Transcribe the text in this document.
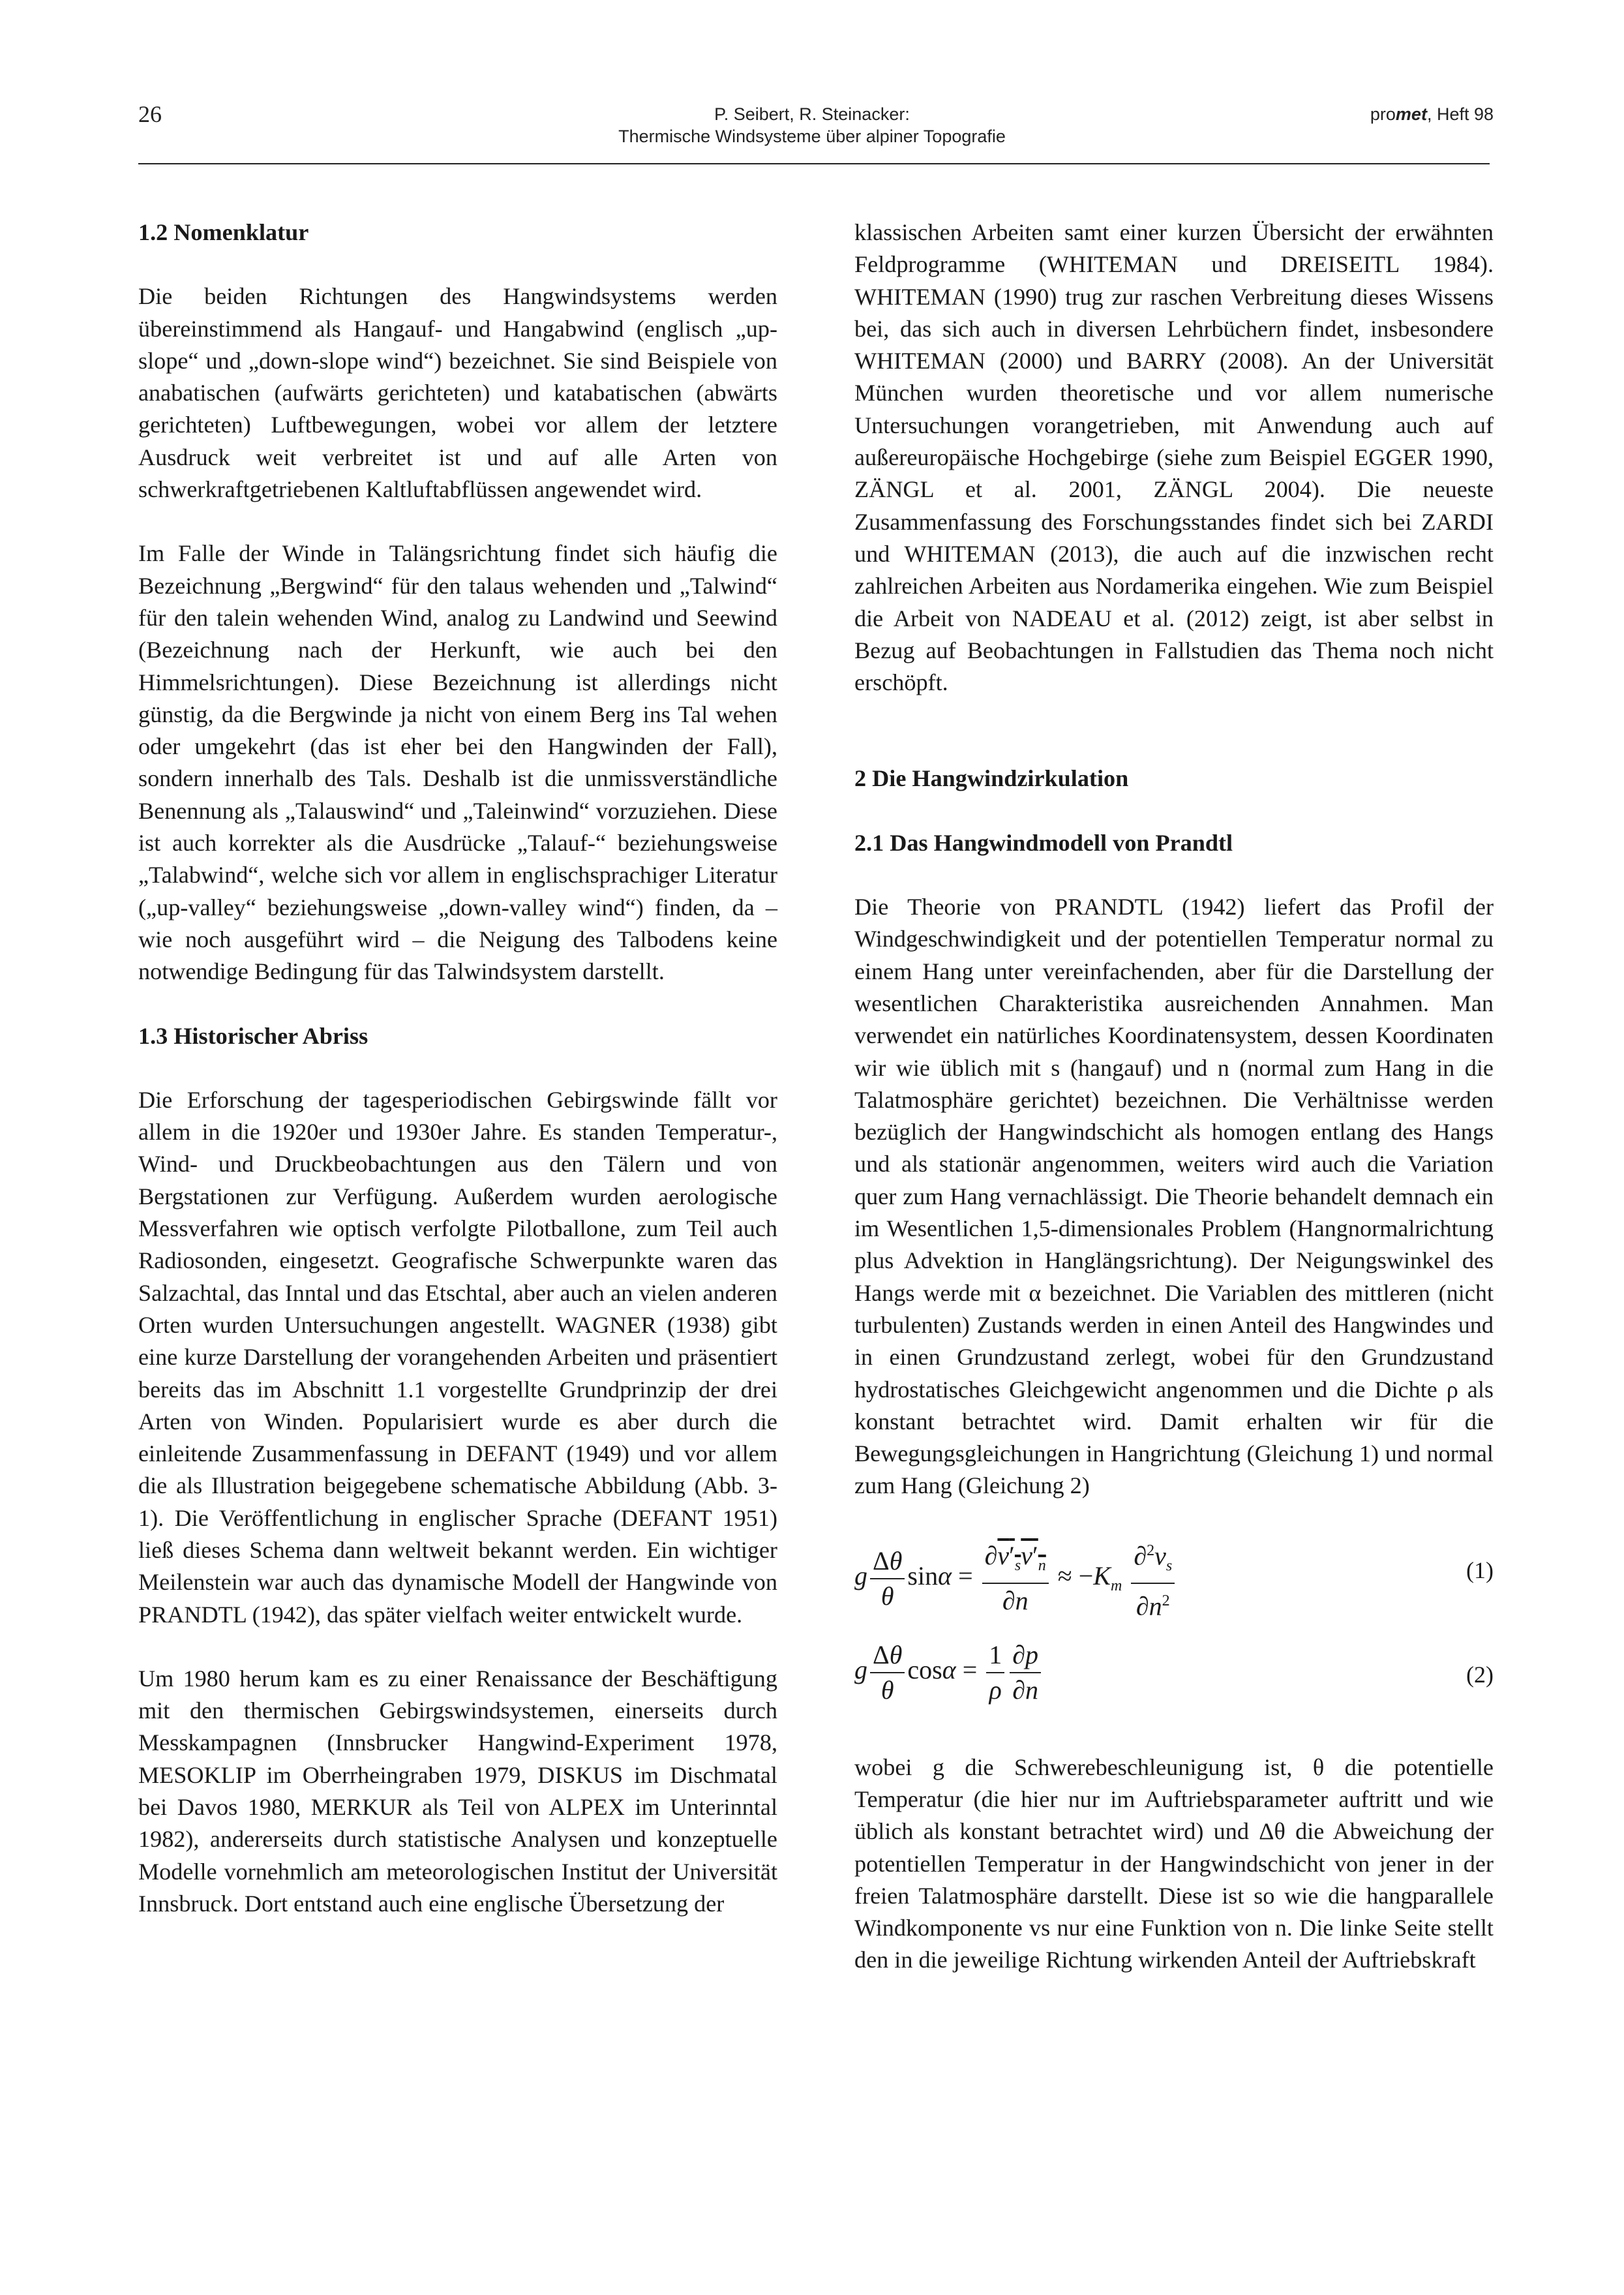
26	P. Seibert, R. Steinacker:
Thermische Windsysteme über alpiner Topografie
promet, Heft 98

1.2 Nomenklatur

Die beiden Richtungen des Hangwindsystems werden übereinstimmend als Hangauf- und Hangabwind (englisch „up-slope“ und „down-slope wind“) bezeichnet. Sie sind Beispiele von anabatischen (aufwärts gerichteten) und katabatischen (abwärts gerichteten) Luftbewegungen, wobei vor allem der letztere Ausdruck weit verbreitet ist und auf alle Arten von schwerkraftgetriebenen Kaltluftabflüssen angewendet wird.

Im Falle der Winde in Talängsrichtung findet sich häufig die Bezeichnung „Bergwind“ für den talaus wehenden und „Talwind“ für den talein wehenden Wind, analog zu Landwind und Seewind (Bezeichnung nach der Herkunft, wie auch bei den Himmelsrichtungen). Diese Bezeichnung ist allerdings nicht günstig, da die Bergwinde ja nicht von einem Berg ins Tal wehen oder umgekehrt (das ist eher bei den Hangwinden der Fall), sondern innerhalb des Tals. Deshalb ist die unmissverständliche Benennung als „Talauswind“ und „Taleinwind“ vorzuziehen. Diese ist auch korrekter als die Ausdrücke „Talauf-“ beziehungsweise „Talabwind“, welche sich vor allem in englischsprachiger Literatur („up-valley“ beziehungsweise „down-valley wind“) finden, da – wie noch ausgeführt wird – die Neigung des Talbodens keine notwendige Bedingung für das Talwindsystem darstellt.

1.3 Historischer Abriss

Die Erforschung der tagesperiodischen Gebirgswinde fällt vor allem in die 1920er und 1930er Jahre. Es standen Temperatur-, Wind- und Druckbeobachtungen aus den Tälern und von Bergstationen zur Verfügung. Außerdem wurden aerologische Messverfahren wie optisch verfolgte Pilotballone, zum Teil auch Radiosonden, eingesetzt. Geografische Schwerpunkte waren das Salzachtal, das Inntal und das Etschtal, aber auch an vielen anderen Orten wurden Untersuchungen angestellt. WAGNER (1938) gibt eine kurze Darstellung der vorangehenden Arbeiten und präsentiert bereits das im Abschnitt 1.1 vorgestellte Grundprinzip der drei Arten von Winden. Popularisiert wurde es aber durch die einleitende Zusammenfassung in DEFANT (1949) und vor allem die als Illustration beigegebene schematische Abbildung (Abb. 3-1). Die Veröffentlichung in englischer Sprache (DEFANT 1951) ließ dieses Schema dann weltweit bekannt werden. Ein wichtiger Meilenstein war auch das dynamische Modell der Hangwinde von PRANDTL (1942), das später vielfach weiter entwickelt wurde.

Um 1980 herum kam es zu einer Renaissance der Beschäftigung mit den thermischen Gebirgswindsystemen, einerseits durch Messkampagnen (Innsbrucker Hangwind-Experiment 1978, MESOKLIP im Oberrheingraben 1979, DISKUS im Dischmatal bei Davos 1980, MERKUR als Teil von ALPEX im Unterinntal 1982), andererseits durch statistische Analysen und konzeptuelle Modelle vornehmlich am meteorologischen Institut der Universität Innsbruck. Dort entstand auch eine englische Übersetzung der

klassischen Arbeiten samt einer kurzen Übersicht der erwähnten Feldprogramme (WHITEMAN und DREISEITL 1984). WHITEMAN (1990) trug zur raschen Verbreitung dieses Wissens bei, das sich auch in diversen Lehrbüchern findet, insbesondere WHITEMAN (2000) und BARRY (2008). An der Universität München wurden theoretische und vor allem numerische Untersuchungen vorangetrieben, mit Anwendung auch auf außereuropäische Hochgebirge (siehe zum Beispiel EGGER 1990, ZÄNGL et al. 2001, ZÄNGL 2004). Die neueste Zusammenfassung des Forschungsstandes findet sich bei ZARDI und WHITEMAN (2013), die auch auf die inzwischen recht zahlreichen Arbeiten aus Nordamerika eingehen. Wie zum Beispiel die Arbeit von NADEAU et al. (2012) zeigt, ist aber selbst in Bezug auf Beobachtungen in Fallstudien das Thema noch nicht erschöpft.

2 Die Hangwindzirkulation

2.1 Das Hangwindmodell von Prandtl

Die Theorie von PRANDTL (1942) liefert das Profil der Windgeschwindigkeit und der potentiellen Temperatur normal zu einem Hang unter vereinfachenden, aber für die Darstellung der wesentlichen Charakteristika ausreichenden Annahmen. Man verwendet ein natürliches Koordinatensystem, dessen Koordinaten wir wie üblich mit s (hangauf) und n (normal zum Hang in die Talatmosphäre gerichtet) bezeichnen. Die Verhältnisse werden bezüglich der Hangwindschicht als homogen entlang des Hangs und als stationär angenommen, weiters wird auch die Variation quer zum Hang vernachlässigt. Die Theorie behandelt demnach ein im Wesentlichen 1,5-dimensionales Problem (Hangnormalrichtung plus Advektion in Hanglängsrichtung). Der Neigungswinkel des Hangs werde mit α bezeichnet. Die Variablen des mittleren (nicht turbulenten) Zustands werden in einen Anteil des Hangwindes und in einen Grundzustand zerlegt, wobei für den Grundzustand hydrostatisches Gleichgewicht angenommen und die Dichte ρ als konstant betrachtet wird. Damit erhalten wir für die Bewegungsgleichungen in Hangrichtung (Gleichung 1) und normal zum Hang (Gleichung 2)

g $\frac{\Delta\theta}{\theta}$ $\sin\alpha = \frac{\partial v'_sv'_n}{\partial n} \approx -K_m \frac{\partial^2v_s}{\partial n^2}$	(1)
g $\frac{\Delta\theta}{\theta}$ $\cos\alpha = \frac{1}{\rho} \frac{\partial p}{\partial n}$	(2)

wobei g die Schwerebeschleunigung ist, θ die potentielle Temperatur (die hier nur im Auftriebsparameter auftritt und wie üblich als konstant betrachtet wird) und Δθ die Abweichung der potentiellen Temperatur in der Hangwindschicht von jener in der freien Talatmosphäre darstellt. Diese ist so wie die hangparallele Windkomponente vs nur eine Funktion von n. Die linke Seite stellt den in die jeweilige Richtung wirkenden Anteil der Auftriebskraft
